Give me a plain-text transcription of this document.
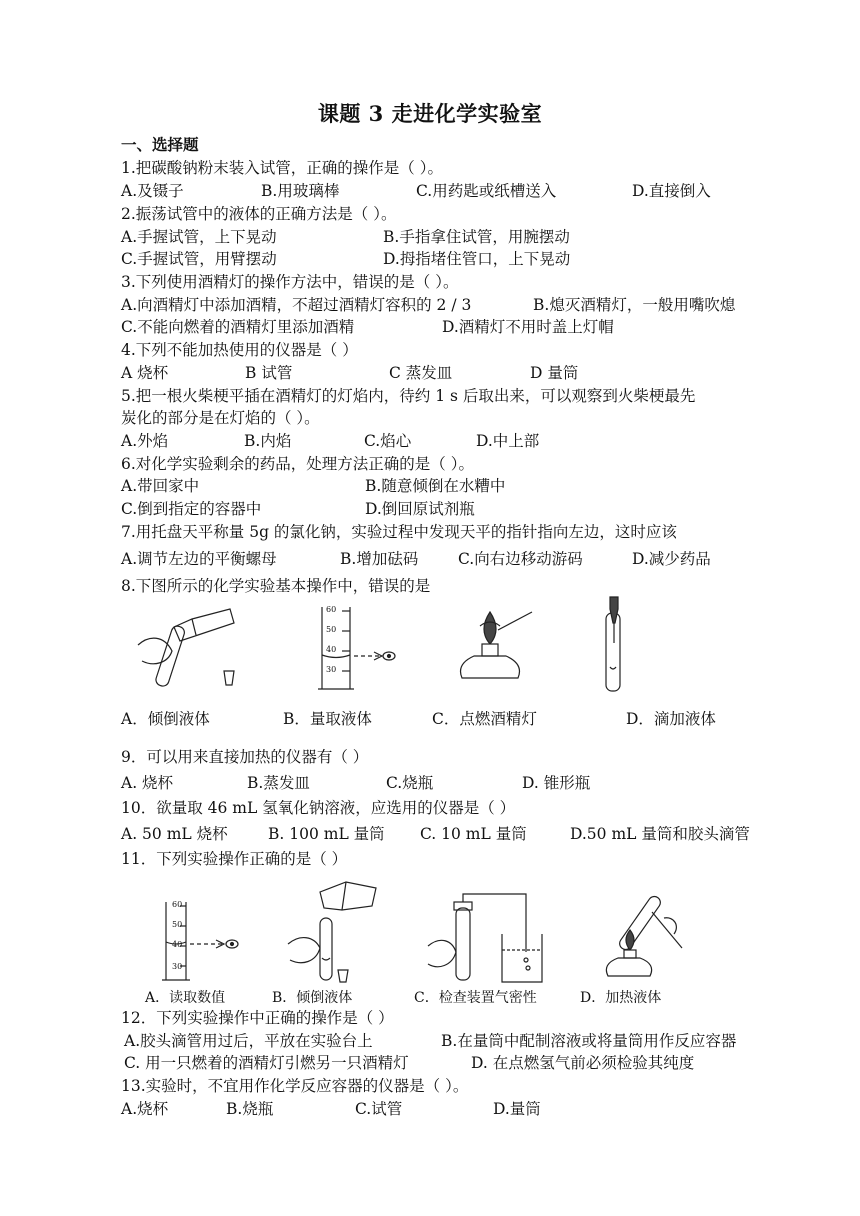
课题 3 走进化学实验室
一、选择题
1.把碳酸钠粉末装入试管，正确的操作是（ ）。
A.及镊子	B.用玻璃棒	C.用药匙或纸槽送入	D.直接倒入
2.振荡试管中的液体的正确方法是（ ）。
A.手握试管，上下晃动	B.手指拿住试管，用腕摆动
C.手握试管，用臂摆动	D.拇指堵住管口，上下晃动
3.下列使用酒精灯的操作方法中，错误的是（ ）。
A.向酒精灯中添加酒精，不超过酒精灯容积的 2 / 3	B.熄灭酒精灯，一般用嘴吹熄
C.不能向燃着的酒精灯里添加酒精	D.酒精灯不用时盖上灯帽
4.下列不能加热使用的仪器是（ ）
A 烧杯	B 试管	C 蒸发皿	D 量筒
5.把一根火柴梗平插在酒精灯的灯焰内，待约 1 s 后取出来，可以观察到火柴梗最先
炭化的部分是在灯焰的（ ）。
A.外焰	B.内焰	C.焰心	D.中上部
6.对化学实验剩余的药品，处理方法正确的是（ ）。
A.带回家中	B.随意倾倒在水糟中
C.倒到指定的容器中	D.倒回原试剂瓶
7.用托盘天平称量 5g 的氯化钠，实验过程中发现天平的指针指向左边，这时应该
A.调节左边的平衡螺母	B.增加砝码	C.向右边移动游码	D.减少药品
8.下图所示的化学实验基本操作中，错误的是
60
50
40
30
A．倾倒液体	B．量取液体	C．点燃酒精灯	D．滴加液体
9．可以用来直接加热的仪器有（ ）
A. 烧杯	B.蒸发皿	C.烧瓶	D. 锥形瓶
10．欲量取 46 mL 氢氧化钠溶液，应选用的仪器是（ ）
A. 50 mL 烧杯	B. 100 mL 量筒 C. 10 mL 量筒	D.50 mL 量筒和胶头滴管
11．下列实验操作正确的是（ ）
60
50
40
30
A．读取数值	B．倾倒液体	C．检查装置气密性	D．加热液体
12．下列实验操作中正确的操作是（ ）
A.胶头滴管用过后，平放在实验台上	B.在量筒中配制溶液或将量筒用作反应容器
C. 用一只燃着的酒精灯引燃另一只酒精灯	D. 在点燃氢气前必须检验其纯度
13.实验时，不宜用作化学反应容器的仪器是（ ）。
A.烧杯	B.烧瓶	C.试管	D.量筒
